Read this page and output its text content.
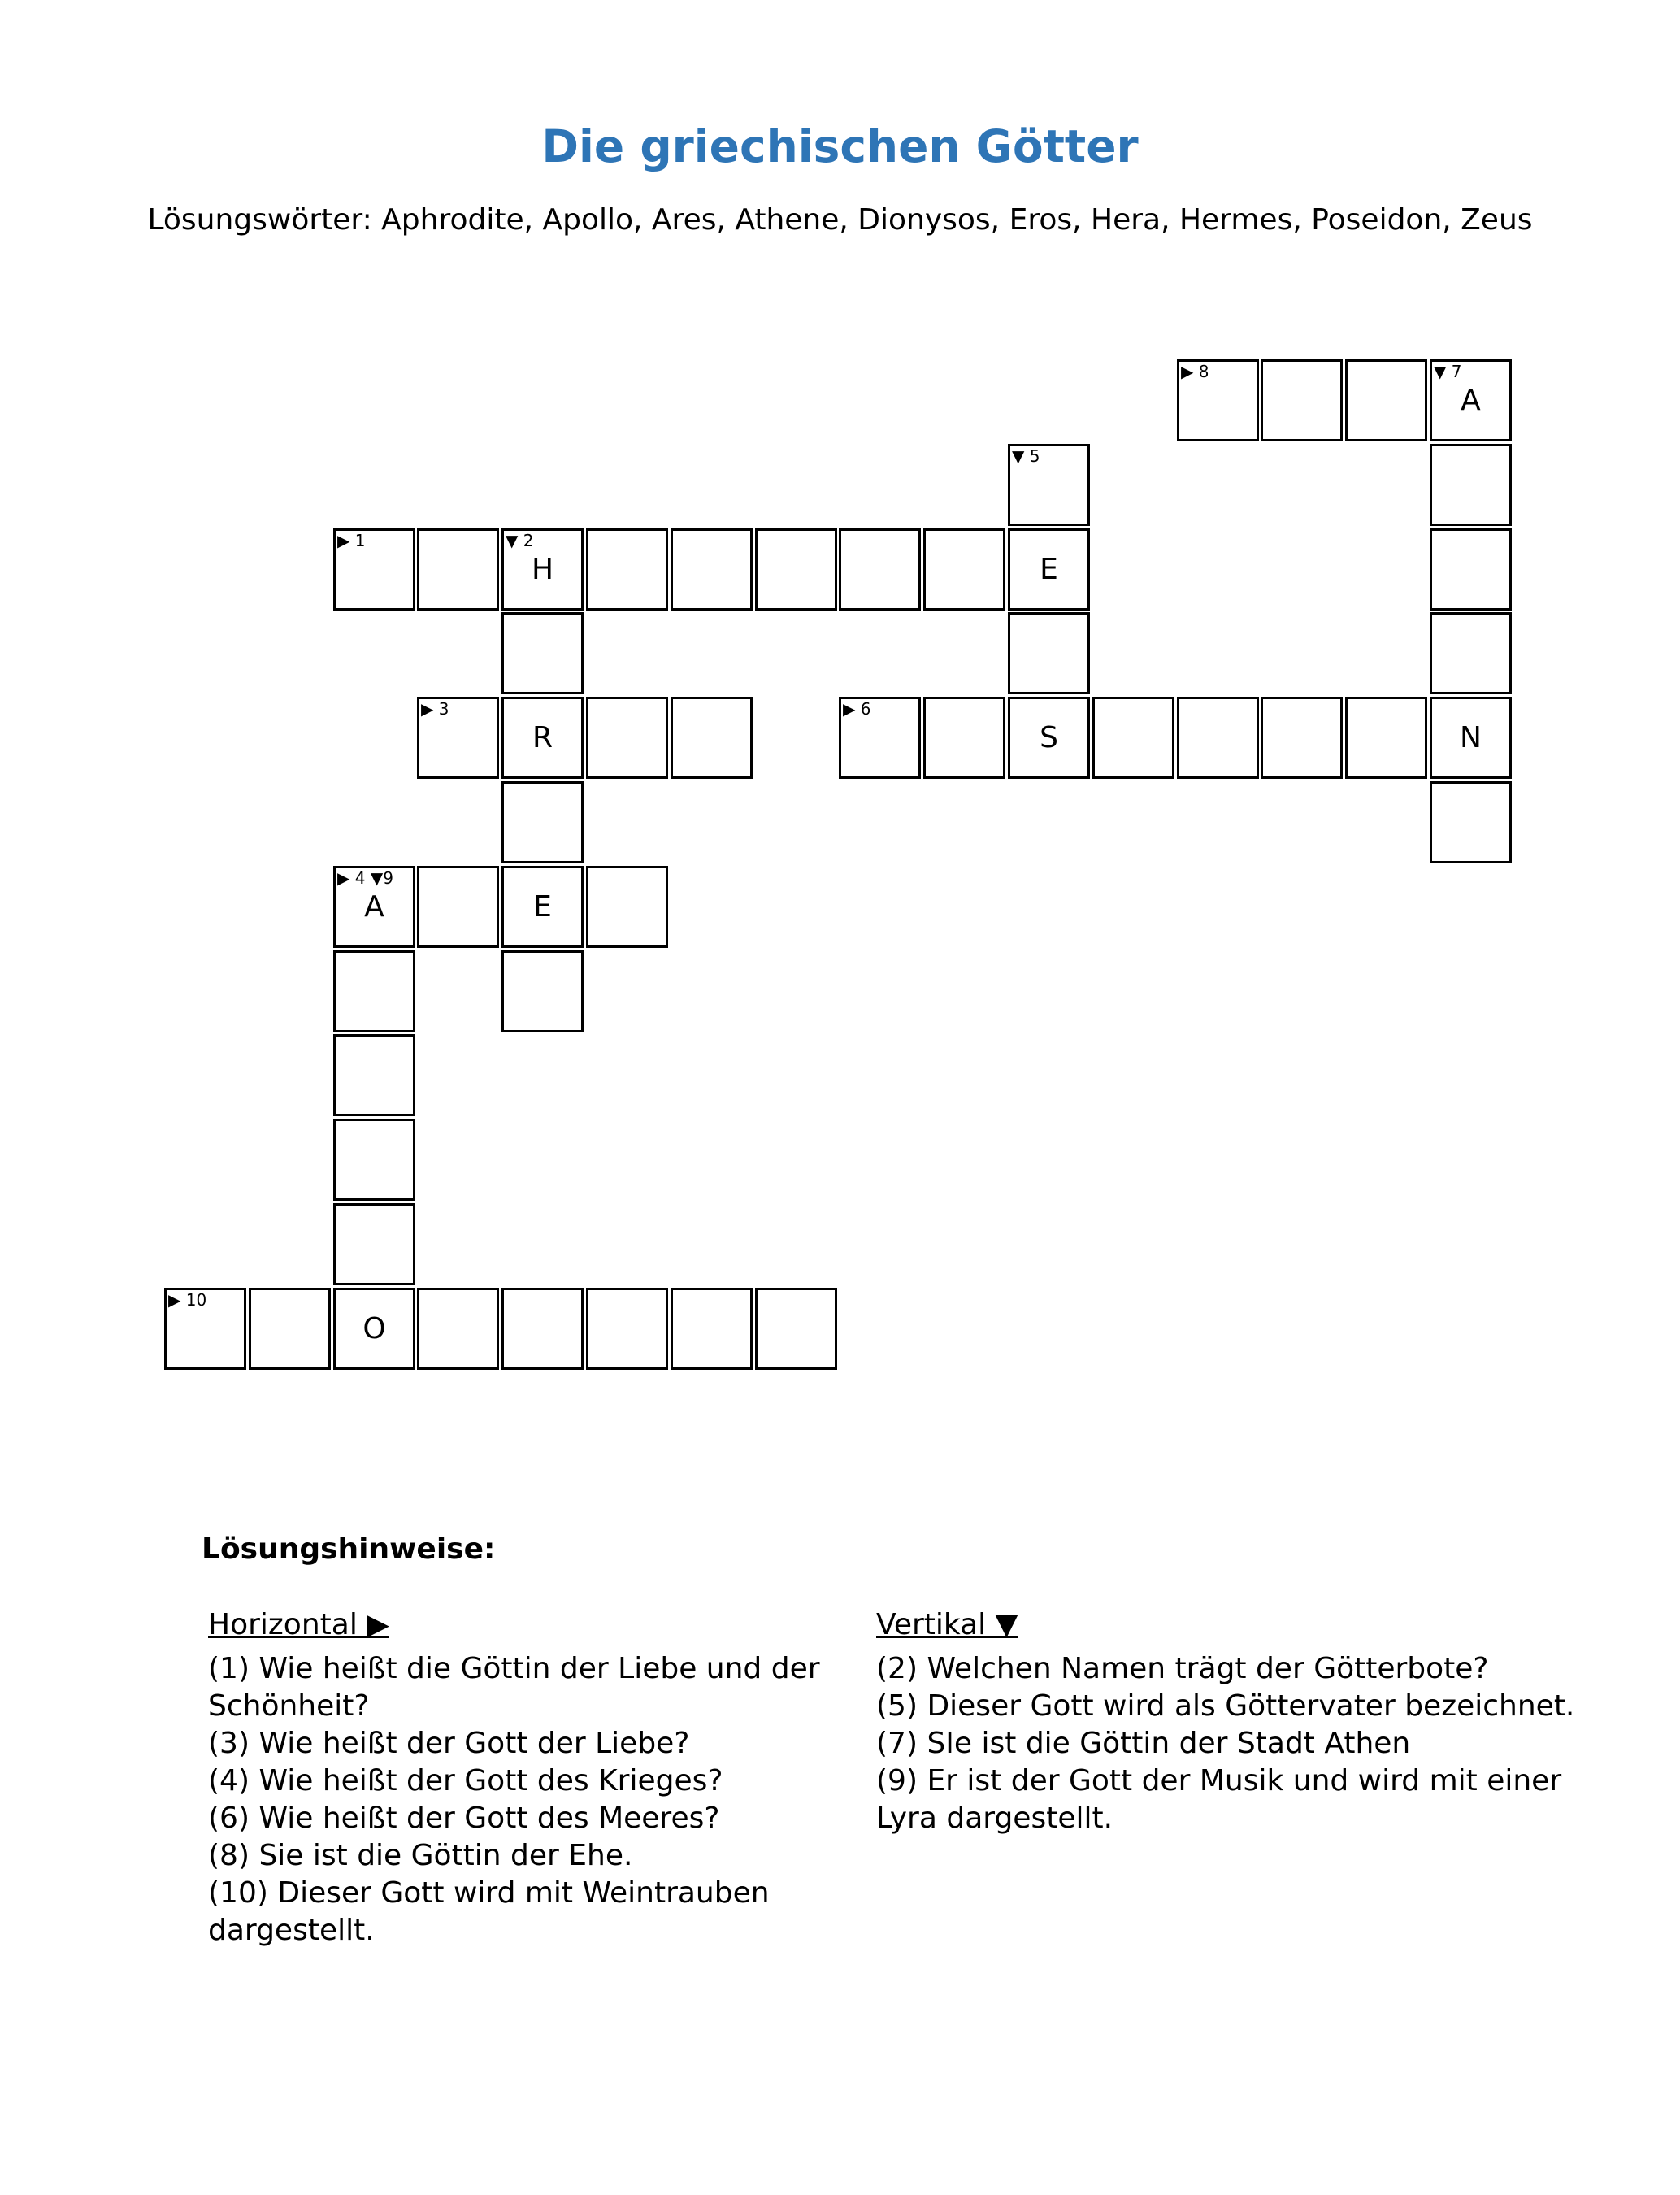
Die griechischen Götter
Lösungswörter: Aphrodite, Apollo, Ares, Athene, Dionysos, Eros, Hera, Hermes, Poseidon, Zeus
▶ 8	▼ 7
A
▼ 5
▶ 1	▼ 2
H	E
▶ 3
R
▶ 6
S	N
▶ 4 ▼9
A	E
▶ 10
O
Lösungshinweise:
Horizontal ▶
(1) Wie heißt die Göttin der Liebe und der Schönheit?
(3) Wie heißt der Gott der Liebe?
(4) Wie heißt der Gott des Krieges?
(6) Wie heißt der Gott des Meeres?
(8) Sie ist die Göttin der Ehe.
(10) Dieser Gott wird mit Weintrauben dargestellt.
Vertikal ▼
(2) Welchen Namen trägt der Götterbote?
(5) Dieser Gott wird als Göttervater bezeichnet.
(7) SIe ist die Göttin der Stadt Athen
(9) Er ist der Gott der Musik und wird mit einer Lyra dargestellt.
